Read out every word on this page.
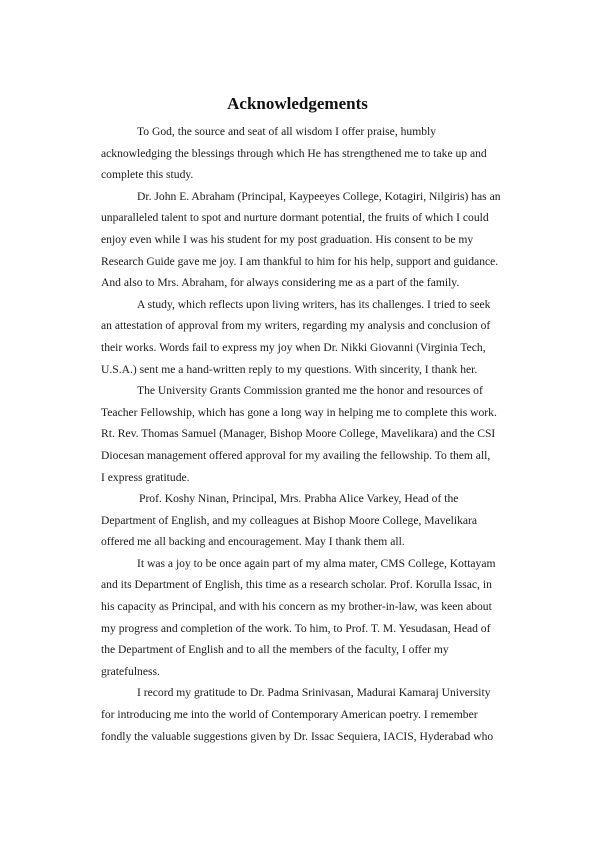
Acknowledgements
To God, the source and seat of all wisdom I offer praise, humbly
acknowledging the blessings through which He has strengthened me to take up and
complete this study.
Dr. John E. Abraham (Principal, Kaypeeyes College, Kotagiri, Nilgiris) has an
unparalleled talent to spot and nurture dormant potential, the fruits of which I could
enjoy even while I was his student for my post graduation. His consent to be my
Research Guide gave me joy. I am thankful to him for his help, support and guidance.
And also to Mrs. Abraham, for always considering me as a part of the family.
A study, which reflects upon living writers, has its challenges. I tried to seek
an attestation of approval from my writers, regarding my analysis and conclusion of
their works. Words fail to express my joy when Dr. Nikki Giovanni (Virginia Tech,
U.S.A.) sent me a hand-written reply to my questions. With sincerity, I thank her.
The University Grants Commission granted me the honor and resources of
Teacher Fellowship, which has gone a long way in helping me to complete this work.
Rt. Rev. Thomas Samuel (Manager, Bishop Moore College, Mavelikara) and the CSI
Diocesan management offered approval for my availing the fellowship. To them all,
I express gratitude.
Prof. Koshy Ninan, Principal, Mrs. Prabha Alice Varkey, Head of the
Department of English, and my colleagues at Bishop Moore College, Mavelikara
offered me all backing and encouragement. May I thank them all.
It was a joy to be once again part of my alma mater, CMS College, Kottayam
and its Department of English, this time as a research scholar. Prof. Korulla Issac, in
his capacity as Principal, and with his concern as my brother-in-law, was keen about
my progress and completion of the work. To him, to Prof. T. M. Yesudasan, Head of
the Department of English and to all the members of the faculty, I offer my
gratefulness.
I record my gratitude to Dr. Padma Srinivasan, Madurai Kamaraj University
for introducing me into the world of Contemporary American poetry. I remember
fondly the valuable suggestions given by Dr. Issac Sequiera, IACIS, Hyderabad who
